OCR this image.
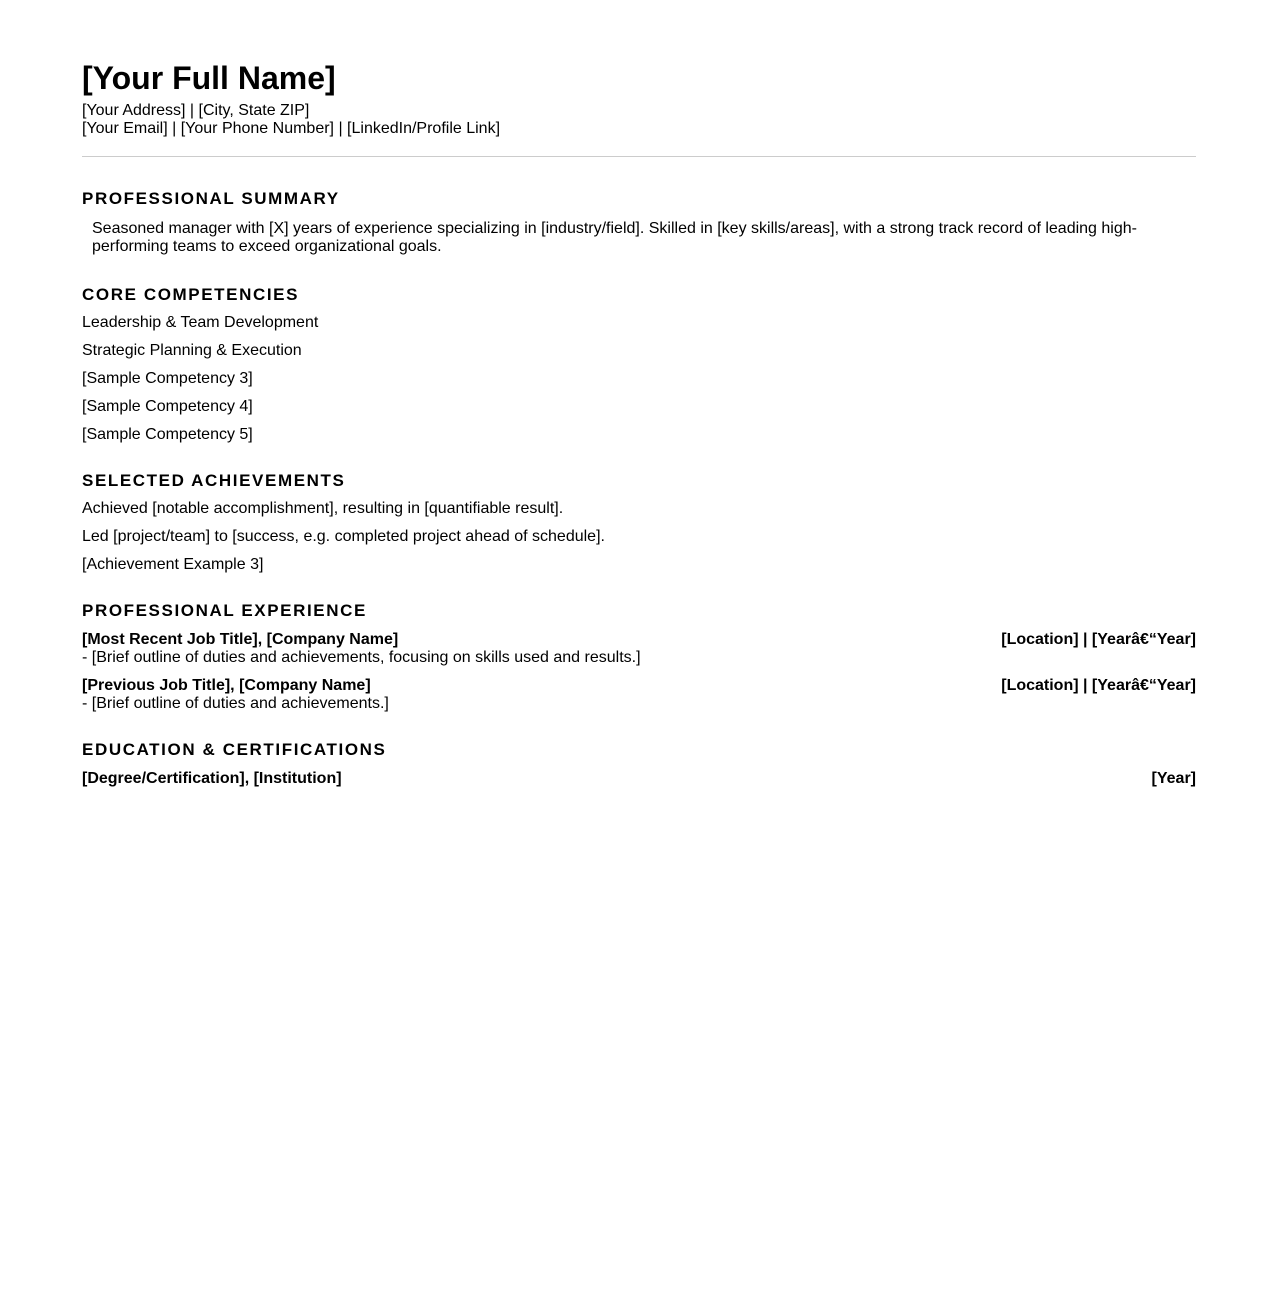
[Your Full Name]
[Your Address] | [City, State ZIP]
[Your Email] | [Your Phone Number] | [LinkedIn/Profile Link]
PROFESSIONAL SUMMARY
Seasoned manager with [X] years of experience specializing in [industry/field]. Skilled in [key skills/areas], with a strong track record of leading high-performing teams to exceed organizational goals.
CORE COMPETENCIES
Leadership & Team Development
Strategic Planning & Execution
[Sample Competency 3]
[Sample Competency 4]
[Sample Competency 5]
SELECTED ACHIEVEMENTS
Achieved [notable accomplishment], resulting in [quantifiable result].
Led [project/team] to [success, e.g. completed project ahead of schedule].
[Achievement Example 3]
PROFESSIONAL EXPERIENCE
[Most Recent Job Title], [Company Name]	[Location] | [Yearâ€“Year]
- [Brief outline of duties and achievements, focusing on skills used and results.]
[Previous Job Title], [Company Name]	[Location] | [Yearâ€“Year]
- [Brief outline of duties and achievements.]
EDUCATION & CERTIFICATIONS
[Degree/Certification], [Institution]	[Year]
